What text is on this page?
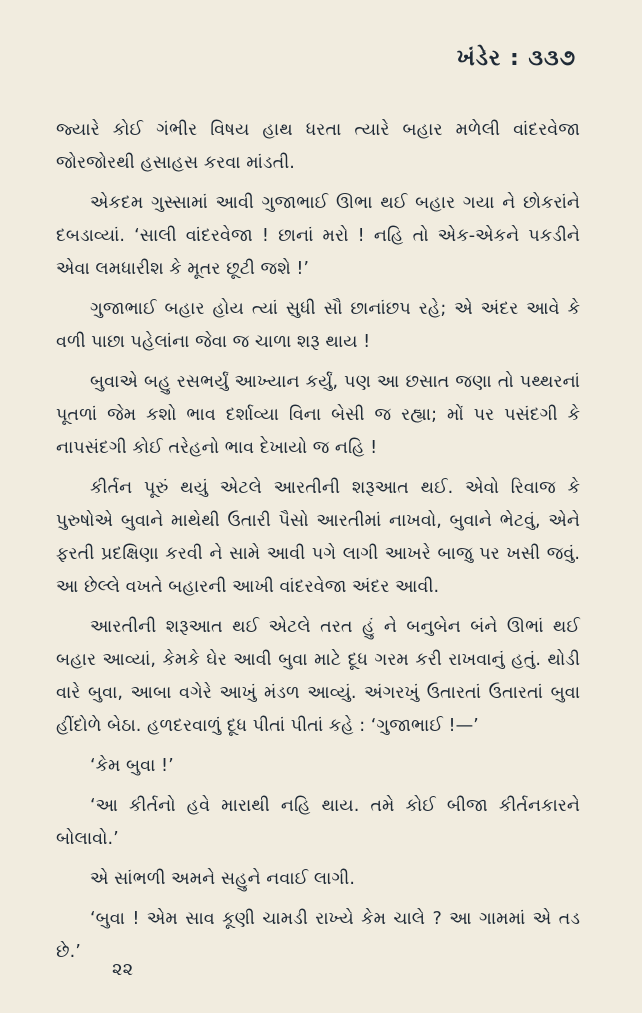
ખંડેર : ૩૩૭

જ્યારે કોઈ ગંભીર વિષય હાથ ધરતા ત્યારે બહાર મળેલી વાંદરવેજા જોરજોરથી હસાહસ કરવા માંડતી.

એકદમ ગુસ્સામાં આવી ગુજાભાઈ ઊભા થઈ બહાર ગયા ને છોકરાંને દબડાવ્યાં. ‘સાલી વાંદરવેજા ! છાનાં મરો ! નહિ તો એક-એકને પકડીને એવા લમધારીશ કે મૂતર છૂટી જશે !’

ગુજાભાઈ બહાર હોય ત્યાં સુધી સૌ છાનાંછપ રહે; એ અંદર આવે કે વળી પાછા પહેલાંના જેવા જ ચાળા શરૂ થાય !

બુવાએ બહુ રસભર્યું આખ્યાન કર્યું, પણ આ છસાત જણા તો પથ્થરનાં પૂતળાં જેમ કશો ભાવ દર્શાવ્યા વિના બેસી જ રહ્યા; મોં પર પસંદગી કે નાપસંદગી કોઈ તરેહનો ભાવ દેખાયો જ નહિ !

કીર્તન પૂરું થયું એટલે આરતીની શરૂઆત થઈ. એવો રિવાજ કે પુરુષોએ બુવાને માથેથી ઉતારી પૈસો આરતીમાં નાખવો, બુવાને ભેટવું, એને ફરતી પ્રદક્ષિણા કરવી ને સામે આવી પગે લાગી આખરે બાજુ પર ખસી જવું. આ છેલ્લે વખતે બહારની આખી વાંદરવેજા અંદર આવી.

આરતીની શરૂઆત થઈ એટલે તરત હું ને બનુબેન બંને ઊભાં થઈ બહાર આવ્યાં, કેમકે ઘેર આવી બુવા માટે દૂધ ગરમ કરી રાખવાનું હતું. થોડી વારે બુવા, આબા વગેરે આખું મંડળ આવ્યું. અંગરખું ઉતારતાં ઉતારતાં બુવા હીંદોળે બેઠા. હળદરવાળું દૂધ પીતાં પીતાં કહે : ‘ગુજાભાઈ !—’

‘કેમ બુવા !’

‘આ કીર્તનો હવે મારાથી નહિ થાય. તમે કોઈ બીજા કીર્તનકારને બોલાવો.’

એ સાંભળી અમને સહુને નવાઈ લાગી.

‘બુવા ! એમ સાવ કૂણી ચામડી રાખ્યે કેમ ચાલે ? આ ગામમાં એ તડ છે.’

૨૨
